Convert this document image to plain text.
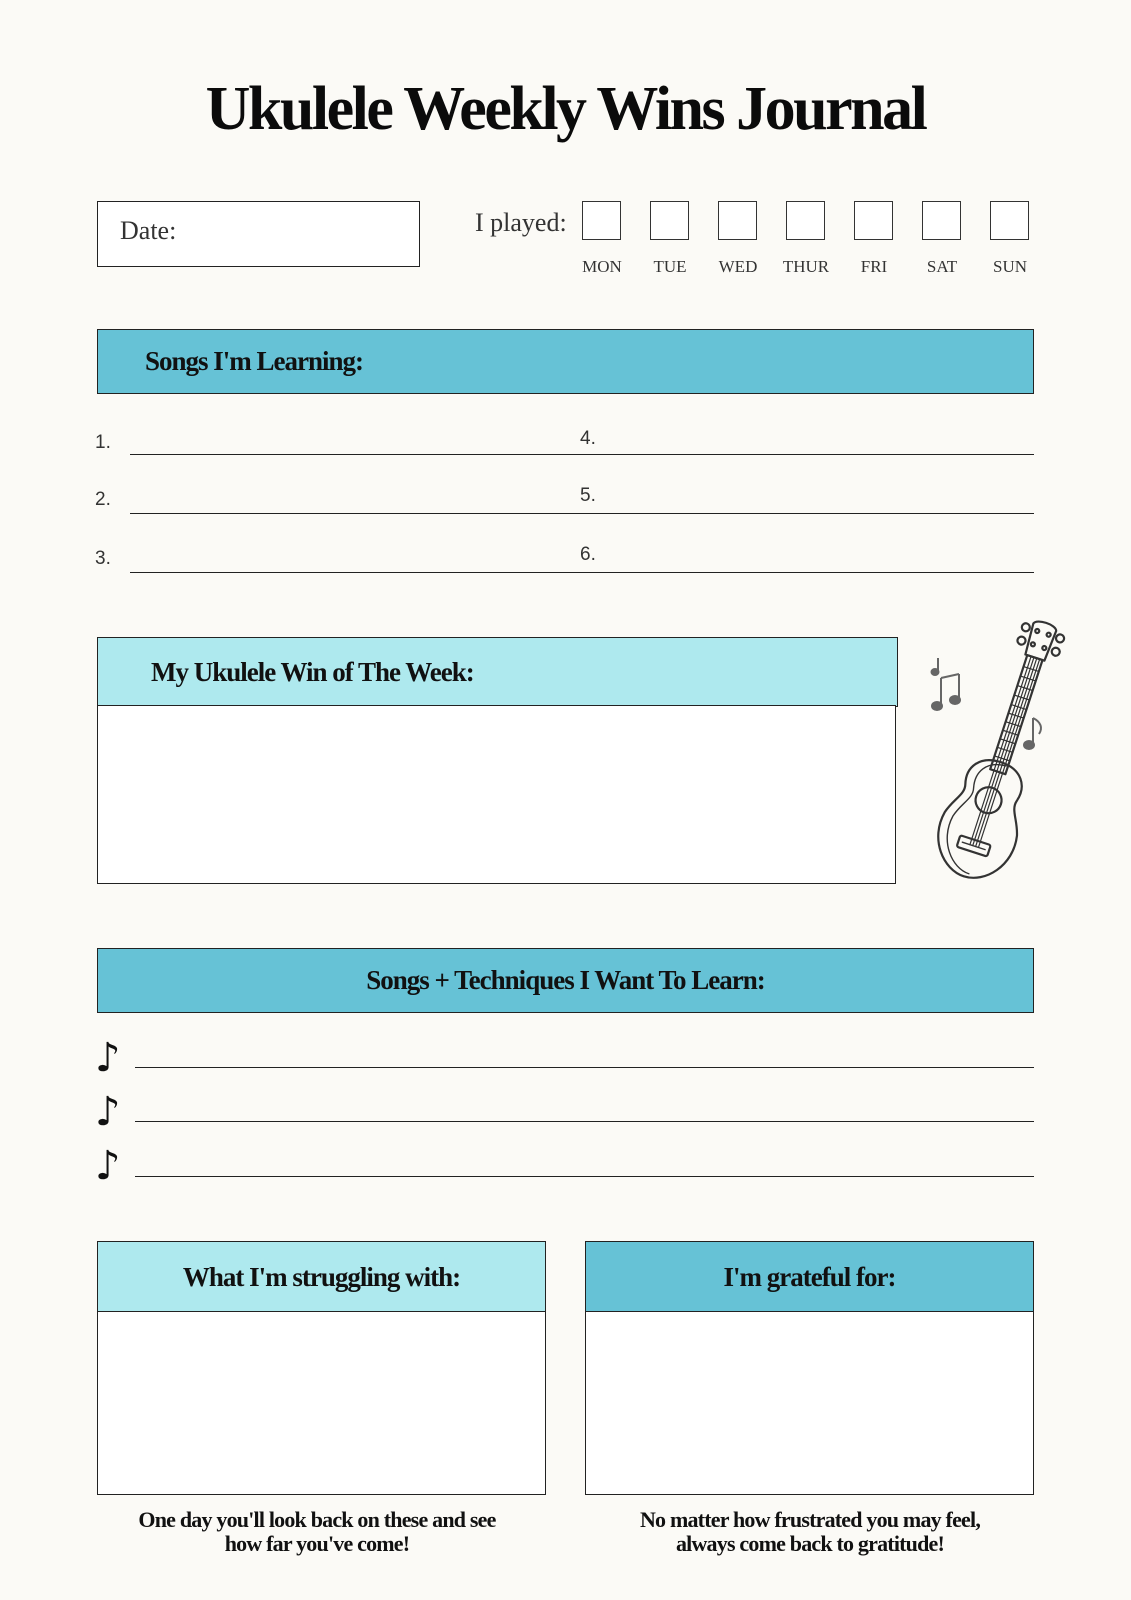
Ukulele Weekly Wins Journal
Date:	I played:
MON	TUE	WED	THUR	FRI	SAT	SUN
Songs I'm Learning:
1.
2.
3.
4.
5.
6.
My Ukulele Win of The Week:
Songs + Techniques I Want To Learn:
♪
♪
♪
What I'm struggling with:
One day you'll look back on these and see
how far you've come!
I'm grateful for:
No matter how frustrated you may feel,
always come back to gratitude!
